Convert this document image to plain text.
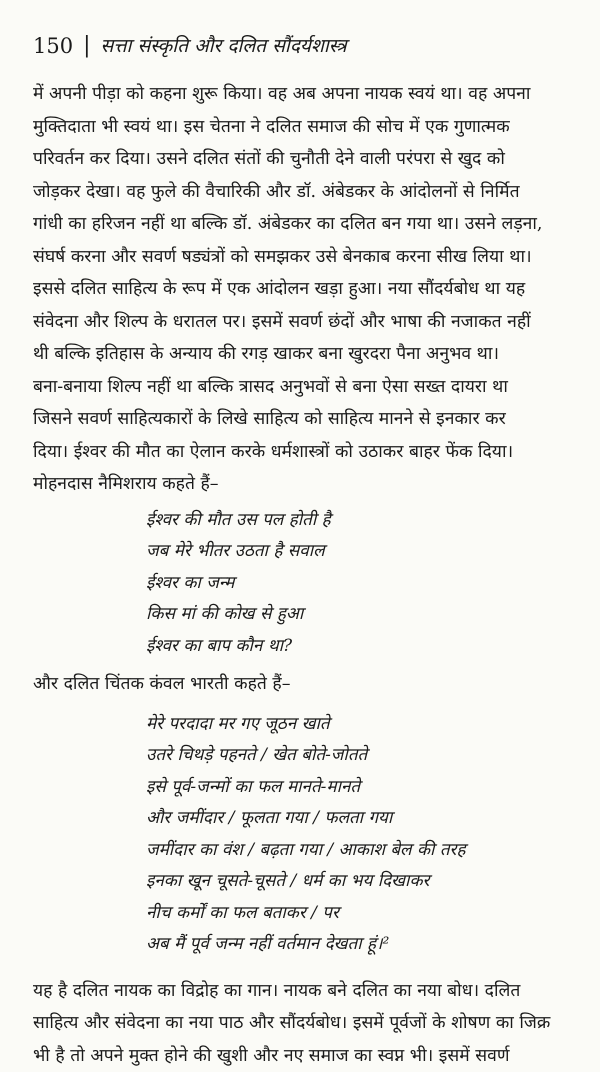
150 | सत्ता संस्कृति और दलित सौंदर्यशास्त्र
में अपनी पीड़ा को कहना शुरू किया। वह अब अपना नायक स्वयं था। वह अपना
मुक्तिदाता भी स्वयं था। इस चेतना ने दलित समाज की सोच में एक गुणात्मक
परिवर्तन कर दिया। उसने दलित संतों की चुनौती देने वाली परंपरा से खुद को
जोड़कर देखा। वह फुले की वैचारिकी और डॉ. अंबेडकर के आंदोलनों से निर्मित
गांधी का हरिजन नहीं था बल्कि डॉ. अंबेडकर का दलित बन गया था। उसने लड़ना,
संघर्ष करना और सवर्ण षड्यंत्रों को समझकर उसे बेनकाब करना सीख लिया था।
इससे दलित साहित्य के रूप में एक आंदोलन खड़ा हुआ। नया सौंदर्यबोध था यह
संवेदना और शिल्प के धरातल पर। इसमें सवर्ण छंदों और भाषा की नजाकत नहीं
थी बल्कि इतिहास के अन्याय की रगड़ खाकर बना खुरदरा पैना अनुभव था।
बना-बनाया शिल्प नहीं था बल्कि त्रासद अनुभवों से बना ऐसा सख्त दायरा था
जिसने सवर्ण साहित्यकारों के लिखे साहित्य को साहित्य मानने से इनकार कर
दिया। ईश्वर की मौत का ऐलान करके धर्मशास्त्रों को उठाकर बाहर फेंक दिया।
मोहनदास नैमिशराय कहते हैं–
ईश्वर की मौत उस पल होती है
जब मेरे भीतर उठता है सवाल
ईश्वर का जन्म
किस मां की कोख से हुआ
ईश्वर का बाप कौन था?
और दलित चिंतक कंवल भारती कहते हैं–
मेरे परदादा मर गए जूठन खाते
उतरे चिथड़े पहनते / खेत बोते-जोतते
इसे पूर्व-जन्मों का फल मानते-मानते
और जमींदार / फूलता गया / फलता गया
जमींदार का वंश / बढ़ता गया / आकाश बेल की तरह
इनका खून चूसते-चूसते / धर्म का भय दिखाकर
नीच कर्मों का फल बताकर / पर
अब मैं पूर्व जन्म नहीं वर्तमान देखता हूं।²
यह है दलित नायक का विद्रोह का गान। नायक बने दलित का नया बोध। दलित
साहित्य और संवेदना का नया पाठ और सौंदर्यबोध। इसमें पूर्वजों के शोषण का जिक्र
भी है तो अपने मुक्त होने की खुशी और नए समाज का स्वप्न भी। इसमें सवर्ण
